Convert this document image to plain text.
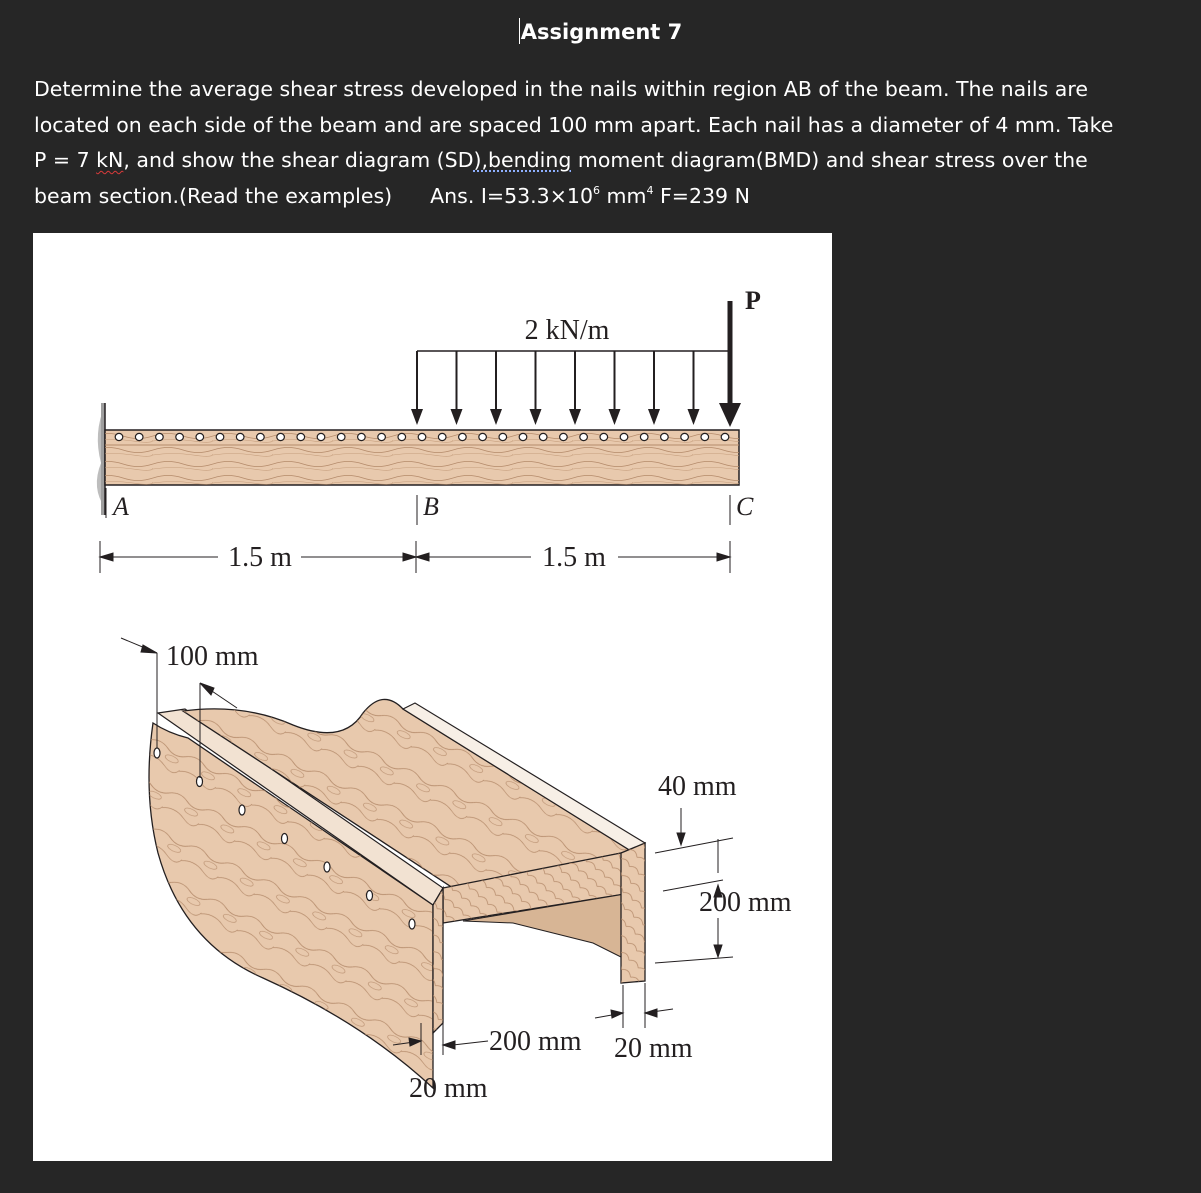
Assignment 7
Determine the average shear stress developed in the nails within region AB of the beam. The nails are
located on each side of the beam and are spaced 100 mm apart. Each nail has a diameter of 4 mm. Take
P = 7 kN, and show the shear diagram (SD),bending moment diagram(BMD) and shear stress over the
beam section.(Read the examples) Ans. $I=53.3\times 10^6$ $mm^4$ F=239 N
2 kN/m
P
A	B	C
1.5 m	1.5 m
100 mm
40 mm
200 mm
200 mm 20 mm
20 mm
